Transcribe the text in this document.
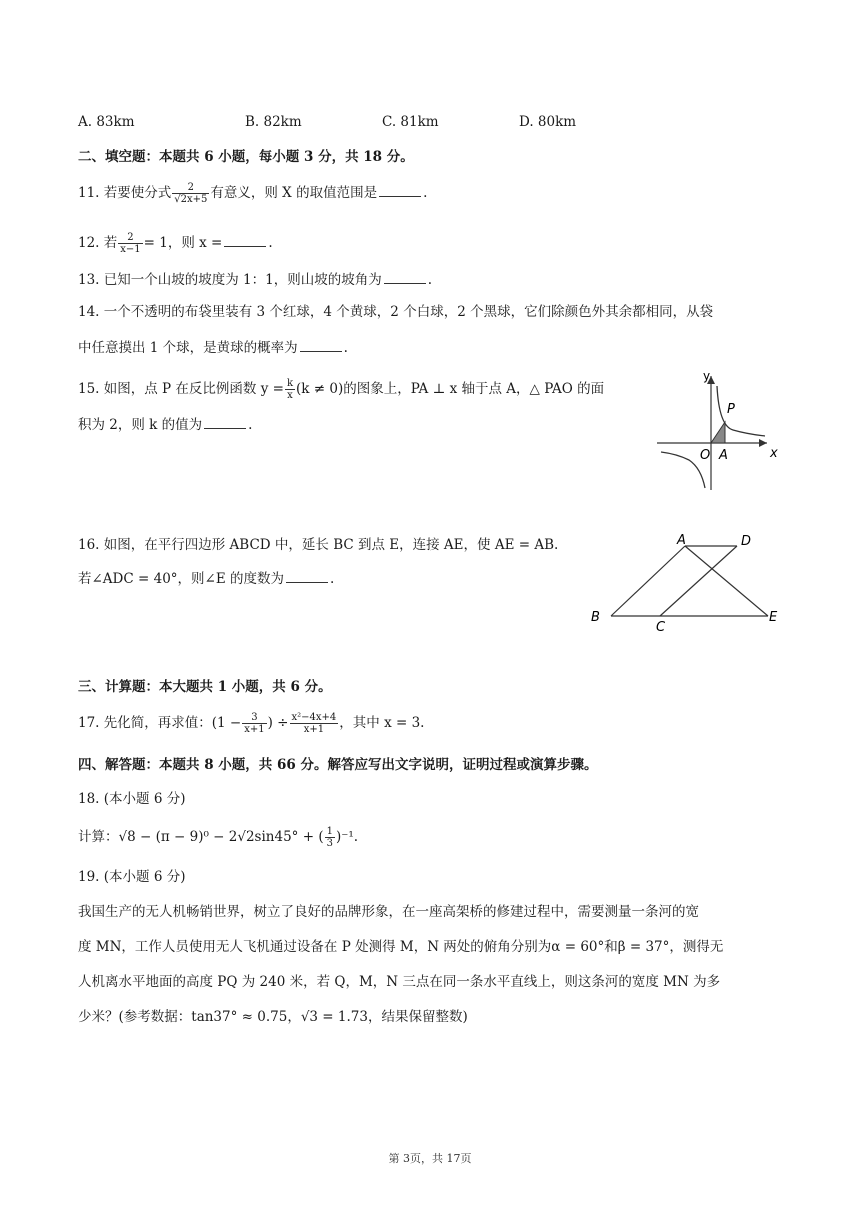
A. 83km	B. 82km	C. 81km	D. 80km
二、填空题：本题共 6 小题，每小题 3 分，共 18 分。
11. 若要使分式 $\frac{2}{√2x+5}$ 有意义，则 X 的取值范围是	.
12. 若 $\frac{2}{x-1} = 1$，则 x =	.
13. 已知一个山坡的坡度为 1：1，则山坡的坡角为	.
14. 一个不透明的布袋里装有 3 个红球，4 个黄球，2 个白球，2 个黑球，它们除颜色外其余都相同，从袋
中任意摸出 1 个球，是黄球的概率为	.
15. 如图，点 P 在反比例函数 $y = \frac{k}{x} (k \ne 0)$的图象上，PA ⊥ x 轴于点 A，△ PAO 的面
积为 2，则 k 的值为	.
y
x
P
O A
16. 如图，在平行四边形 ABCD 中，延长 BC 到点 E，连接 AE，使 AE = AB.
若∠ADC = 40°，则∠E 的度数为	.
A	D
B
C
E
三、计算题：本大题共 1 小题，共 6 分。
17. 先化简，再求值：($1 - \frac{3}{x+1}$ ) ÷ $\frac{\text{x²−4x+4}}{x+1}$ ，其中 x = 3.
四、解答题：本题共 8 小题，共 66 分。解答应写出文字说明，证明过程或演算步骤。
18. (本小题 6 分)
计算：√8 − (π − 9)⁰ − 2√2sin45° + ( $\frac{1}{3} )^{-1}$.
19. (本小题 6 分)
我国生产的无人机畅销世界，树立了良好的品牌形象，在一座高架桥的修建过程中，需要测量一条河的宽
度 MN，工作人员使用无人飞机通过设备在 P 处测得 M，N 两处的俯角分别为α = 60°和β = 37°，测得无
人机离水平地面的高度 PQ 为 240 米，若 Q，M，N 三点在同一条水平直线上，则这条河的宽度 MN 为多
少米？(参考数据：tan37° ≈ 0.75，√3 = 1.73，结果保留整数)
第 3页，共 17页
